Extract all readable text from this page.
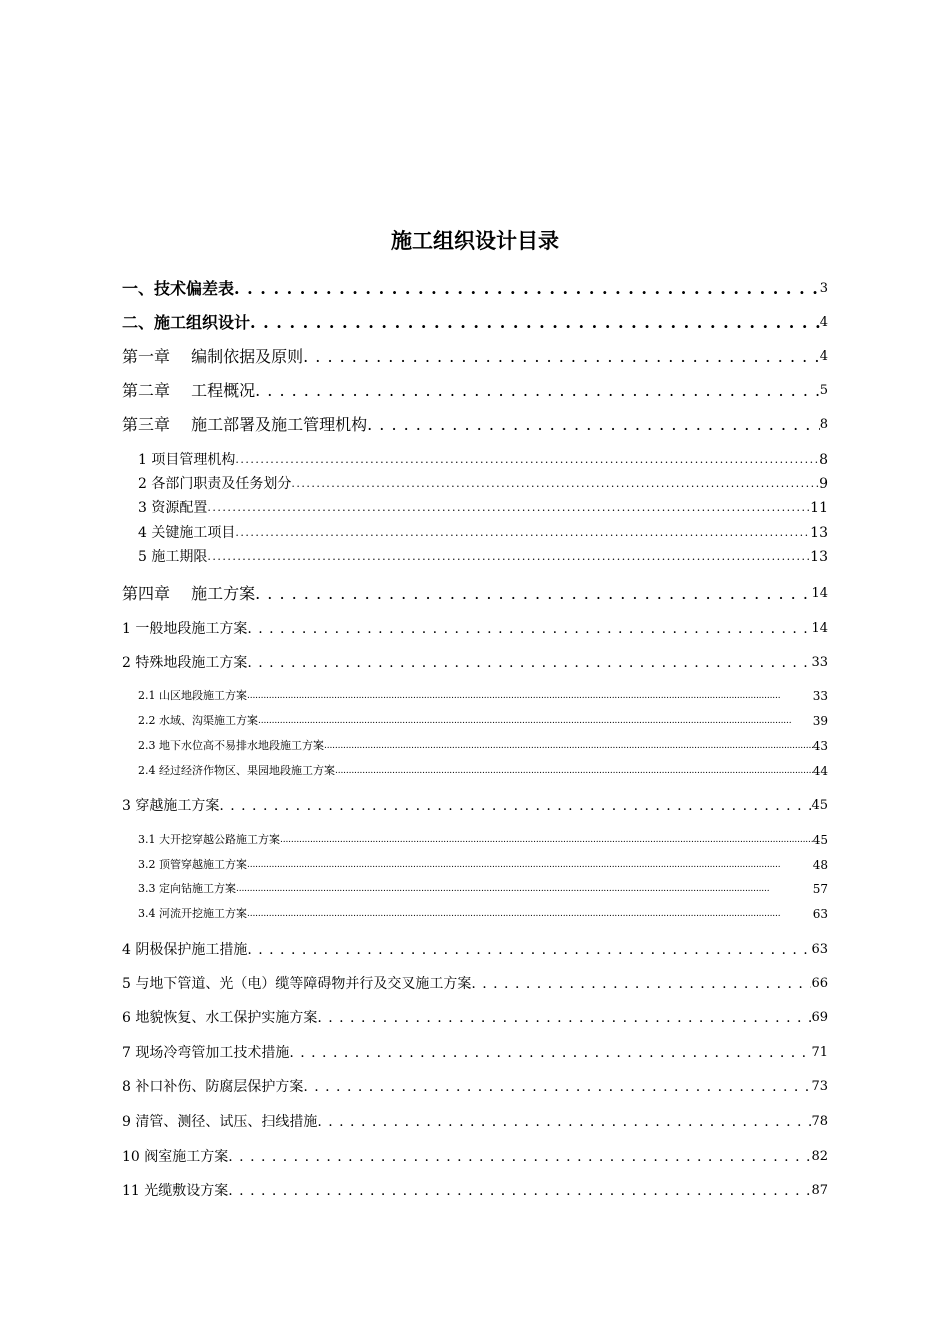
施工组织设计目录
一、技术偏差表 . . .	3
二、施工组织设计 . . .	4
第一章　 编制依据及原则 . . .	4
第二章　 工程概况 . . .	5
第三章　 施工部署及施工管理机构 . . .	8
1 项目管理机构 . . .	8
2 各部门职责及任务划分 . . .	9
3 资源配置 . . .	11
4 关键施工项目 . . .	13
5 施工期限 . . .	13
第四章　 施工方案 . . .	14
1 一般地段施工方案 . . .	14
2 特殊地段施工方案 . . .	33
2.1 山区地段施工方案 . . .	33
2.2 水域、沟渠施工方案 . . .	39
2.3 地下水位高不易排水地段施工方案 . . .	43
2.4 经过经济作物区、果园地段施工方案 . . .	44
3 穿越施工方案 . . .	45
3.1 大开挖穿越公路施工方案 . . .	45
3.2 顶管穿越施工方案 . . .	48
3.3 定向钻施工方案 . . .	57
3.4 河流开挖施工方案 . . .	63
4 阴极保护施工措施 . . .	63
5 与地下管道、光（电）缆等障碍物并行及交叉施工方案 . . .	66
6 地貌恢复、水工保护实施方案 . . .	69
7 现场冷弯管加工技术措施 . . .	71
8 补口补伤、防腐层保护方案 . . .	73
9 清管、测径、试压、扫线措施 . . .	78
10 阀室施工方案 . . .	82
11 光缆敷设方案 . . .	87
